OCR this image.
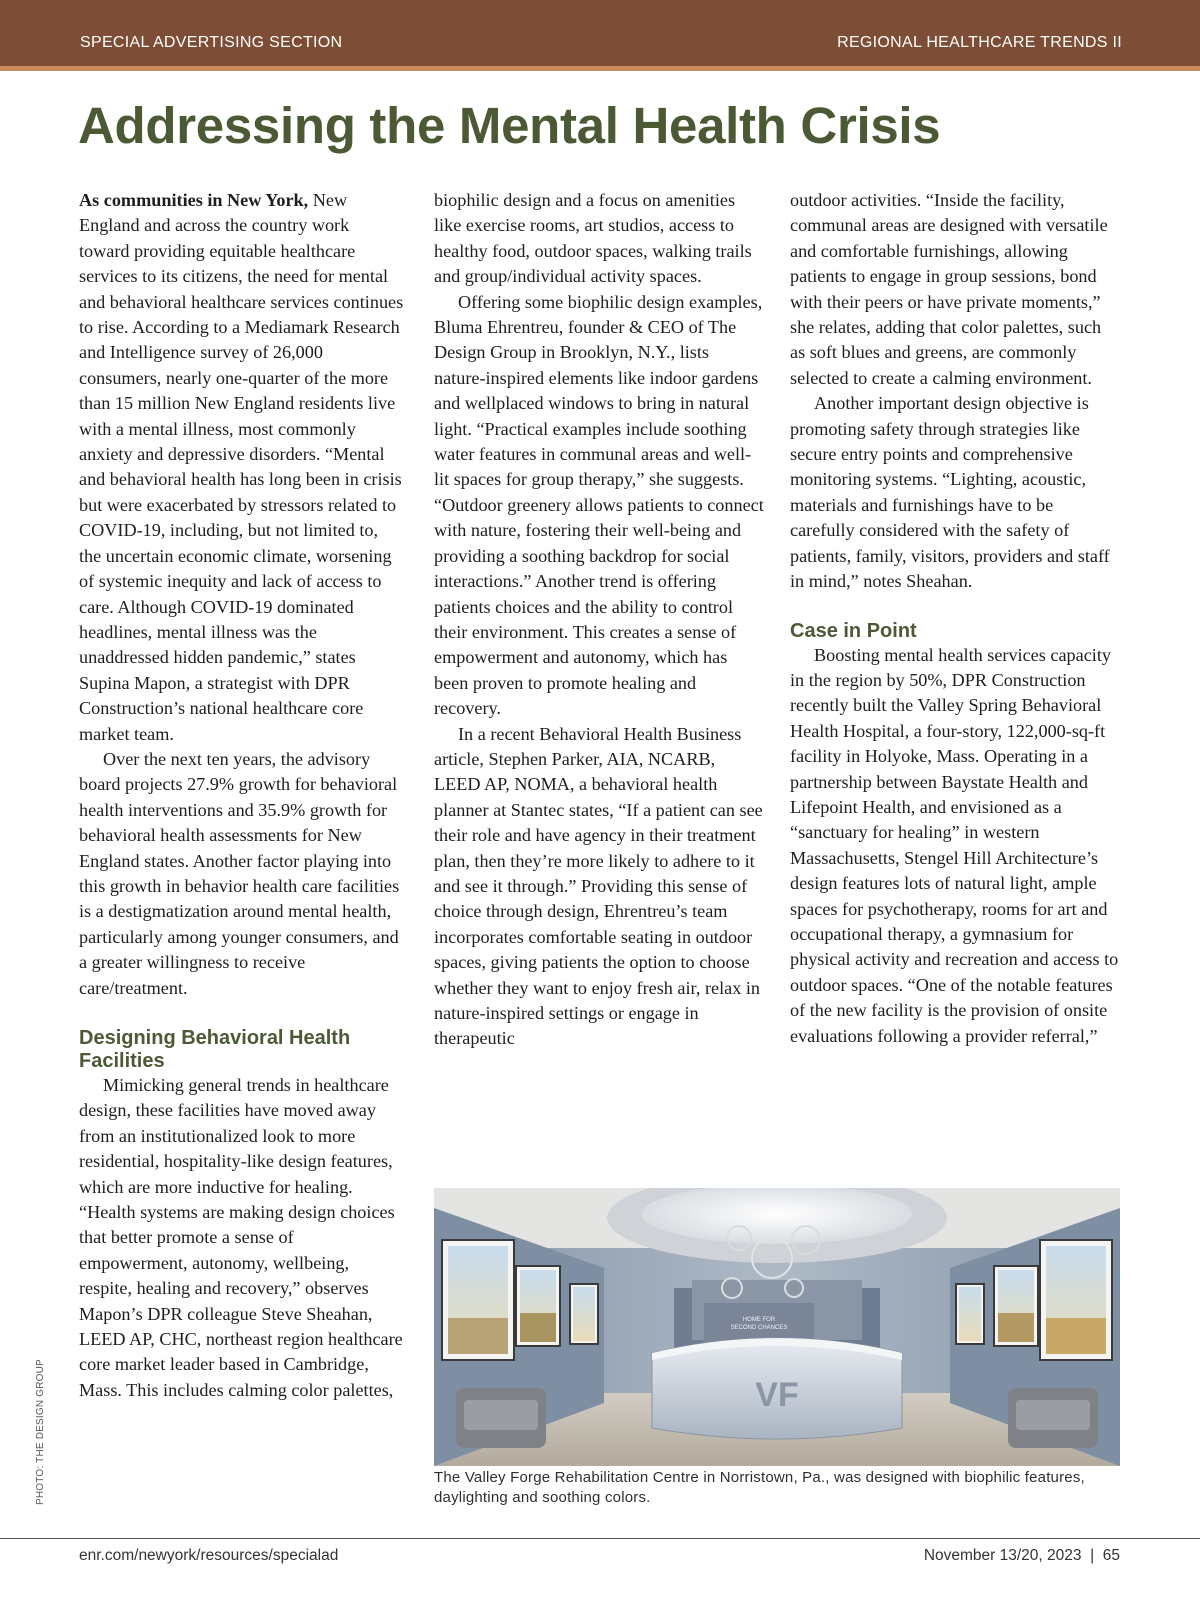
SPECIAL ADVERTISING SECTION	REGIONAL HEALTHCARE TRENDS II
Addressing the Mental Health Crisis

As communities in New York, New England and across the country work toward providing equitable healthcare services to its citizens, the need for mental and behavioral healthcare services continues to rise. According to a Mediamark Research and Intelligence survey of 26,000 consumers, nearly one-quarter of the more than 15 million New England residents live with a mental illness, most commonly anxiety and depressive disorders. “Mental and behavioral health has long been in crisis but were exacerbated by stressors related to COVID-19, including, but not limited to, the uncertain economic climate, worsening of systemic inequity and lack of access to care. Although COVID-19 dominated headlines, mental illness was the unaddressed hidden pandemic,” states Supina Mapon, a strategist with DPR Construction’s national healthcare core market team.

Over the next ten years, the advisory board projects 27.9% growth for behavioral health interventions and 35.9% growth for behavioral health assessments for New England states. Another factor playing into this growth in behavior health care facilities is a destigmatization around mental health, particularly among younger consumers, and a greater willingness to receive care/treatment.

Designing Behavioral Health Facilities

Mimicking general trends in healthcare design, these facilities have moved away from an institutionalized look to more residential, hospitality-like design features, which are more inductive for healing. “Health systems are making design choices that better promote a sense of empowerment, autonomy, wellbeing, respite, healing and recovery,” observes Mapon’s DPR colleague Steve Sheahan, LEED AP, CHC, northeast region healthcare core market leader based in Cambridge, Mass. This includes calming color palettes,

biophilic design and a focus on amenities like exercise rooms, art studios, access to healthy food, outdoor spaces, walking trails and group/individual activity spaces.

Offering some biophilic design examples, Bluma Ehrentreu, founder & CEO of The Design Group in Brooklyn, N.Y., lists nature-inspired elements like indoor gardens and wellplaced windows to bring in natural light. “Practical examples include soothing water features in communal areas and well-lit spaces for group therapy,” she suggests. “Outdoor greenery allows patients to connect with nature, fostering their well-being and providing a soothing backdrop for social interactions.” Another trend is offering patients choices and the ability to control their environment. This creates a sense of empowerment and autonomy, which has been proven to promote healing and recovery.

In a recent Behavioral Health Business article, Stephen Parker, AIA, NCARB, LEED AP, NOMA, a behavioral health planner at Stantec states, “If a patient can see their role and have agency in their treatment plan, then they’re more likely to adhere to it and see it through.” Providing this sense of choice through design, Ehrentreu’s team incorporates comfortable seating in outdoor spaces, giving patients the option to choose whether they want to enjoy fresh air, relax in nature-inspired settings or engage in therapeutic

outdoor activities. “Inside the facility, communal areas are designed with versatile and comfortable furnishings, allowing patients to engage in group sessions, bond with their peers or have private moments,” she relates, adding that color palettes, such as soft blues and greens, are commonly selected to create a calming environment.

Another important design objective is promoting safety through strategies like secure entry points and comprehensive monitoring systems. “Lighting, acoustic, materials and furnishings have to be carefully considered with the safety of patients, family, visitors, providers and staff in mind,” notes Sheahan.

Case in Point

Boosting mental health services capacity in the region by 50%, DPR Construction recently built the Valley Spring Behavioral Health Hospital, a four-story, 122,000-sq-ft facility in Holyoke, Mass. Operating in a partnership between Baystate Health and Lifepoint Health, and envisioned as a “sanctuary for healing” in western Massachusetts, Stengel Hill Architecture’s design features lots of natural light, ample spaces for psychotherapy, rooms for art and occupational therapy, a gymnasium for physical activity and recreation and access to outdoor spaces. “One of the notable features of the new facility is the provision of onsite evaluations following a provider referral,”

HOME FOR
SECOND CHANCES
VF
The Valley Forge Rehabilitation Centre in Norristown, Pa., was designed with biophilic features, daylighting and soothing colors.
PHOTO: THE DESIGN GROUP
enr.com/newyork/resources/specialad	November 13/20, 2023  |  65
